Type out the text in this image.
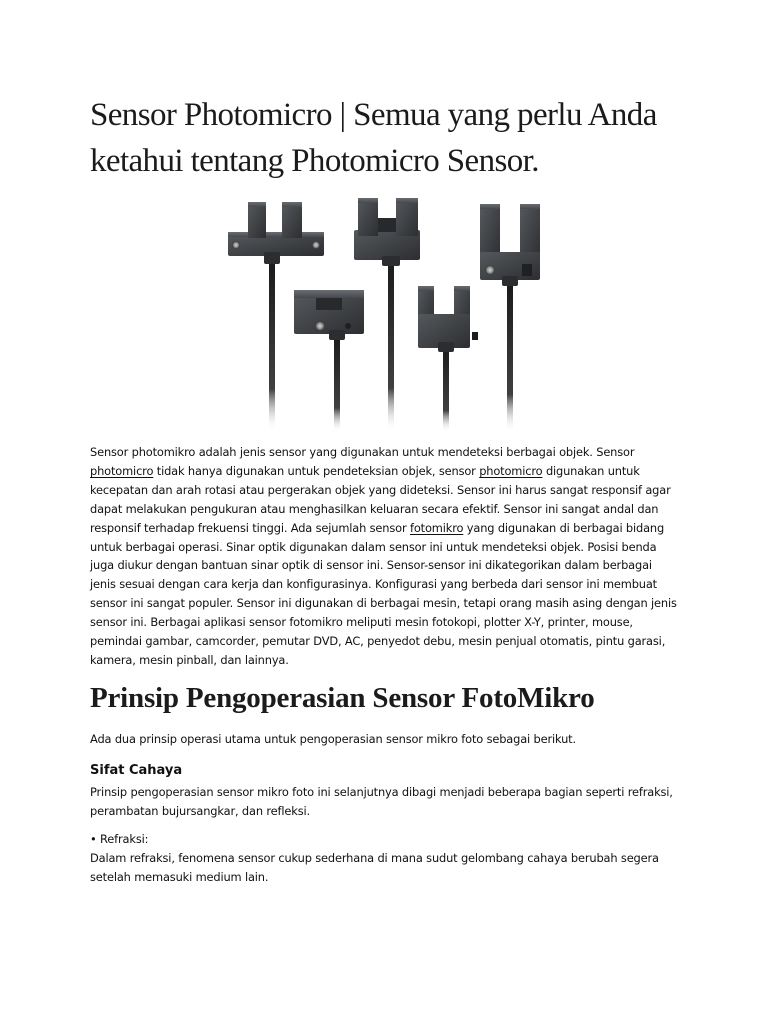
Sensor Photomicro | Semua yang perlu Anda ketahui tentang Photomicro Sensor.

Sensor photomikro adalah jenis sensor yang digunakan untuk mendeteksi berbagai objek. Sensor photomicro tidak hanya digunakan untuk pendeteksian objek, sensor photomicro digunakan untuk kecepatan dan arah rotasi atau pergerakan objek yang dideteksi. Sensor ini harus sangat responsif agar dapat melakukan pengukuran atau menghasilkan keluaran secara efektif. Sensor ini sangat andal dan responsif terhadap frekuensi tinggi. Ada sejumlah sensor fotomikro yang digunakan di berbagai bidang untuk berbagai operasi. Sinar optik digunakan dalam sensor ini untuk mendeteksi objek. Posisi benda juga diukur dengan bantuan sinar optik di sensor ini. Sensor-sensor ini dikategorikan dalam berbagai jenis sesuai dengan cara kerja dan konfigurasinya. Konfigurasi yang berbeda dari sensor ini membuat sensor ini sangat populer. Sensor ini digunakan di berbagai mesin, tetapi orang masih asing dengan jenis sensor ini. Berbagai aplikasi sensor fotomikro meliputi mesin fotokopi, plotter X-Y, printer, mouse, pemindai gambar, camcorder, pemutar DVD, AC, penyedot debu, mesin penjual otomatis, pintu garasi, kamera, mesin pinball, dan lainnya.

Prinsip Pengoperasian Sensor FotoMikro

Ada dua prinsip operasi utama untuk pengoperasian sensor mikro foto sebagai berikut.

Sifat Cahaya

Prinsip pengoperasian sensor mikro foto ini selanjutnya dibagi menjadi beberapa bagian seperti refraksi, perambatan bujursangkar, dan refleksi.

• Refraksi:

Dalam refraksi, fenomena sensor cukup sederhana di mana sudut gelombang cahaya berubah segera setelah memasuki medium lain.
